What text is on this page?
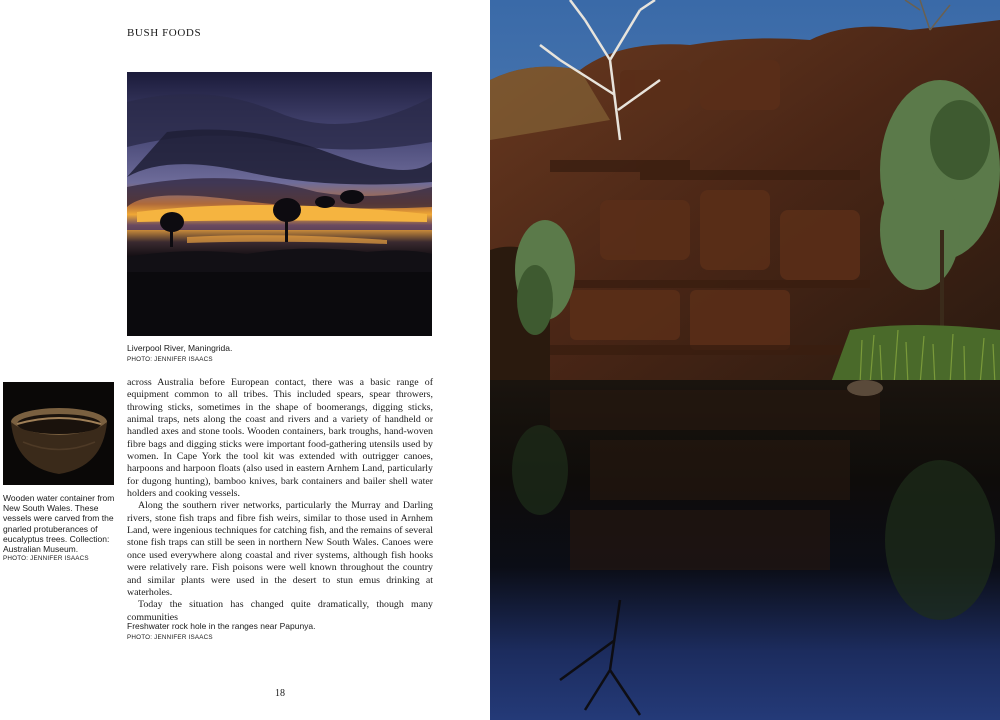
BUSH FOODS
Liverpool River, Maningrida.
PHOTO: JENNIFER ISAACS
Wooden water container from New South Wales. These vessels were carved from the gnarled protuberances of eucalyptus trees. Collection: Australian Museum.
PHOTO: JENNIFER ISAACS

across Australia before European contact, there was a basic range of equipment common to all tribes. This included spears, spear throwers, throwing sticks, sometimes in the shape of boomerangs, digging sticks, animal traps, nets along the coast and rivers and a variety of handheld or handled axes and stone tools. Wooden containers, bark troughs, hand-woven fibre bags and digging sticks were important food-gathering utensils used by women. In Cape York the tool kit was extended with outrigger canoes, harpoons and harpoon floats (also used in eastern Arnhem Land, particularly for dugong hunting), bamboo knives, bark containers and bailer shell water holders and cooking vessels.

Along the southern river networks, particularly the Murray and Darling rivers, stone fish traps and fibre fish weirs, similar to those used in Arnhem Land, were ingenious techniques for catching fish, and the remains of several stone fish traps can still be seen in northern New South Wales. Canoes were once used everywhere along coastal and river systems, although fish hooks were relatively rare. Fish poisons were well known throughout the country and similar plants were used in the desert to stun emus drinking at waterholes.

Today the situation has changed quite dramatically, though many communities

Freshwater rock hole in the ranges near Papunya.
PHOTO: JENNIFER ISAACS
18
